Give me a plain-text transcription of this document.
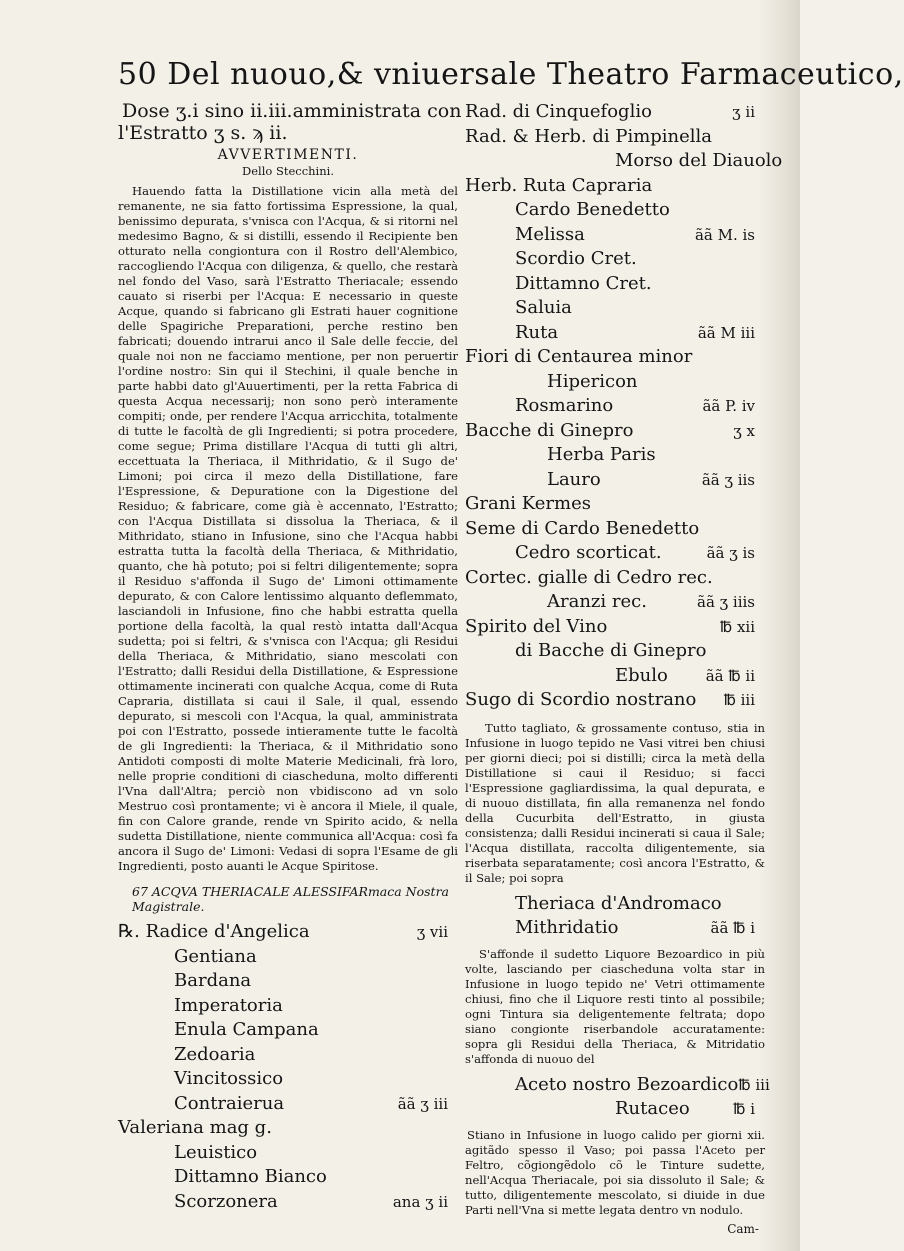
50 Del nuouo,& vniuersale Theatro Farmaceutico,
Dose ʒ.i sino ii.iii.amministrata con
l'Estratto ʒ s. ϡ ii.
AVVERTIMENTI.
Dello Stecchini.
Hauendo fatta la Distillatione vicin alla metà del remanente, ne sia fatto fortissima Espressione, la qual, benissimo depurata, s'vnisca con l'Acqua, & si ritorni nel medesimo Bagno, & si distilli, essendo il Recipiente ben otturato nella congiontura con il Rostro dell'Alembico, raccogliendo l'Acqua con diligenza, & quello, che restarà nel fondo del Vaso, sarà l'Estratto Theriacale; essendo cauato si riserbi per l'Acqua: E necessario in queste Acque, quando si fabricano gli Estrati hauer cognitione delle Spagiriche Preparationi, perche restino ben fabricati; douendo intrarui anco il Sale delle feccie, del quale noi non ne facciamo mentione, per non peruertir l'ordine nostro: Sin qui il Stechini, il quale benche in parte habbi dato gl'Auuertimenti, per la retta Fabrica di questa Acqua necessarij; non sono però interamente compiti; onde, per rendere l'Acqua arricchita, totalmente di tutte le facoltà de gli Ingredienti; si potra procedere, come segue; Prima distillare l'Acqua di tutti gli altri, eccettuata la Theriaca, il Mithridatio, & il Sugo de' Limoni; poi circa il mezo della Distillatione, fare l'Espressione, & Depuratione con la Digestione del Residuo; & fabricare, come già è accennato, l'Estratto; con l'Acqua Distillata si dissolua la Theriaca, & il Mithridato, stiano in Infusione, sino che l'Acqua habbi estratta tutta la facoltà della Theriaca, & Mithridatio, quanto, che hà potuto; poi si feltri diligentemente; sopra il Residuo s'affonda il Sugo de' Limoni ottimamente depurato, & con Calore lentissimo alquanto deflemmato, lasciandoli in Infusione, fino che habbi estratta quella portione della facoltà, la qual restò intatta dall'Acqua sudetta; poi si feltri, & s'vnisca con l'Acqua; gli Residui della Theriaca, & Mithridatio, siano mescolati con l'Estratto; dalli Residui della Distillatione, & Espressione ottimamente incinerati con qualche Acqua, come di Ruta Capraria, distillata si caui il Sale, il qual, essendo depurato, si mescoli con l'Acqua, la qual, amministrata poi con l'Estratto, possede intieramente tutte le facoltà de gli Ingredienti: la Theriaca, & il Mithridatio sono Antidoti composti di molte Materie Medicinali, frà loro, nelle proprie conditioni di ciascheduna, molto differenti l'Vna dall'Altra; perciò non vbidiscono ad vn solo Mestruo così prontamente; vi è ancora il Miele, il quale, fin con Calore grande, rende vn Spirito acido, & nella sudetta Distillatione, niente communica all'Acqua: così fa ancora il Sugo de' Limoni: Vedasi di sopra l'Esame de gli Ingredienti, posto auanti le Acque Spiritose.
67 ACQVA THERIACALE ALESSIFARmaca Nostra Magistrale.
℞. Radice d'Angelica	ʒ vii
Gentiana
Bardana
Imperatoria
Enula Campana
Zedoaria
Vincitossico
Contraierua	ãã ʒ iii
Valeriana mag g.
Leuistico
Dittamno Bianco
Scorzonera	ana ʒ ii
Rad. di Cinquefoglio	ʒ ii
Rad. & Herb. di Pimpinella
Morso del Diauolo
Herb. Ruta Capraria
Cardo Benedetto
Melissa	ãã M. is
Scordio Cret.
Dittamno Cret.
Saluia
Ruta	ãã M iii
Fiori di Centaurea minor
Hipericon
Rosmarino	ãã P. iv
Bacche di Ginepro	ʒ x
Herba Paris
Lauro	ãã ʒ iis
Grani Kermes
Seme di Cardo Benedetto
Cedro scorticat.	ãã ʒ is
Cortec. gialle di Cedro rec.
Aranzi rec.	ãã ʒ iiis
Spirito del Vino	℔ xii
di Bacche di Ginepro
Ebulo	ãã ℔ ii
Sugo di Scordio nostrano ℔ iii
Tutto tagliato, & grossamente contuso, stia in Infusione in luogo tepido ne Vasi vitrei ben chiusi per giorni dieci; poi si distilli; circa la metà della Distillatione si caui il Residuo; si facci l'Espressione gagliardissima, la qual depurata, e di nuouo distillata, fin alla remanenza nel fondo della Cucurbita dell'Estratto, in giusta consistenza; dalli Residui incinerati si caua il Sale; l'Acqua distillata, raccolta diligentemente, sia riserbata separatamente; così ancora l'Estratto, & il Sale; poi sopra
Theriaca d'Andromaco
Mithridatio	ãã ℔ i
S'affonde il sudetto Liquore Bezoardico in più volte, lasciando per ciascheduna volta star in Infusione in luogo tepido ne' Vetri ottimamente chiusi, fino che il Liquore resti tinto al possibile; ogni Tintura sia deligentemente feltrata; dopo siano congionte riserbandole accuratamente: sopra gli Residui della Theriaca, & Mitridatio s'affonda di nuouo del
Aceto nostro Bezoardico ℔ iii
Rutaceo	℔ i
Stiano in Infusione in luogo calido per giorni xii. agitãdo spesso il Vaso; poi passa l'Aceto per Feltro, cõgiongẽdolo cõ le Tinture sudette, nell'Acqua Theriacale, poi sia dissoluto il Sale; & tutto, diligentemente mescolato, si diuide in due Parti nell'Vna si mette legata dentro vn nodulo.
Cam-
